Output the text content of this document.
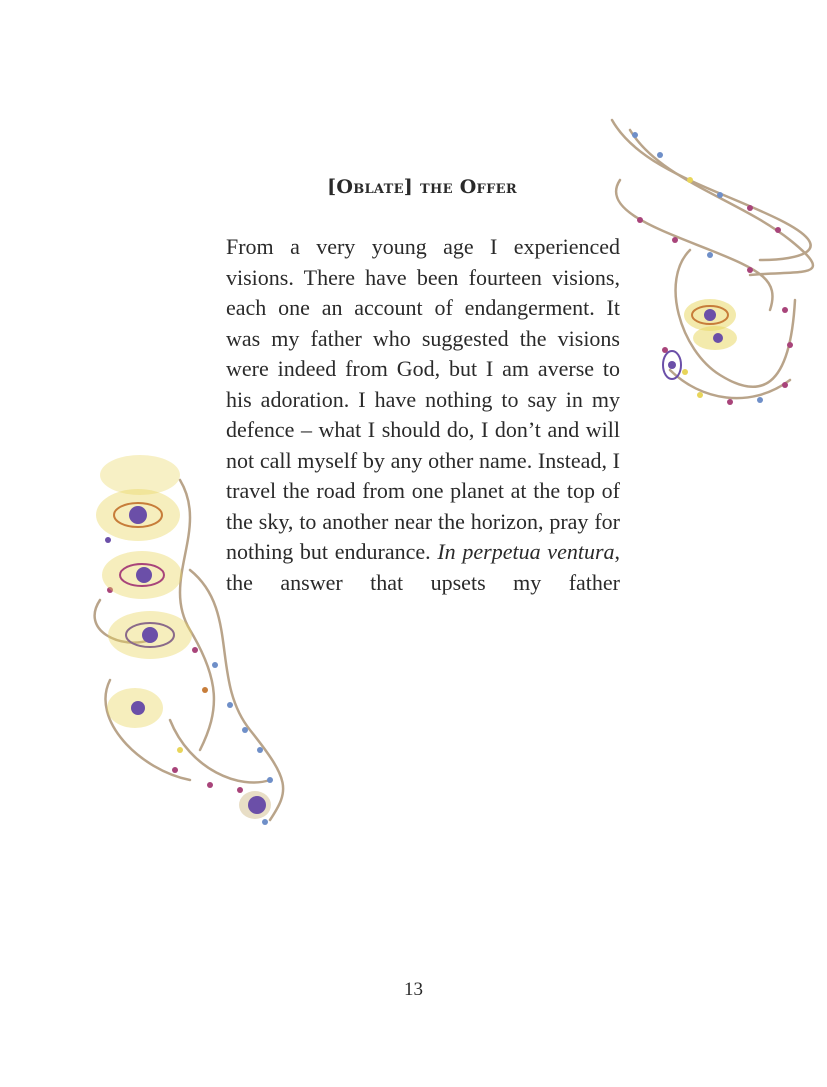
[Oblate] the Offer

From a very young age I experienced visions. There have been fourteen visions, each one an account of endangerment. It was my father who suggested the visions were indeed from God, but I am averse to his adoration. I have nothing to say in my defence – what I should do, I don’t and will not call myself by any other name. Instead, I travel the road from one planet at the top of the sky, to another near the horizon, pray for nothing but endurance. In perpetua ventura, the answer that upsets my father

13
